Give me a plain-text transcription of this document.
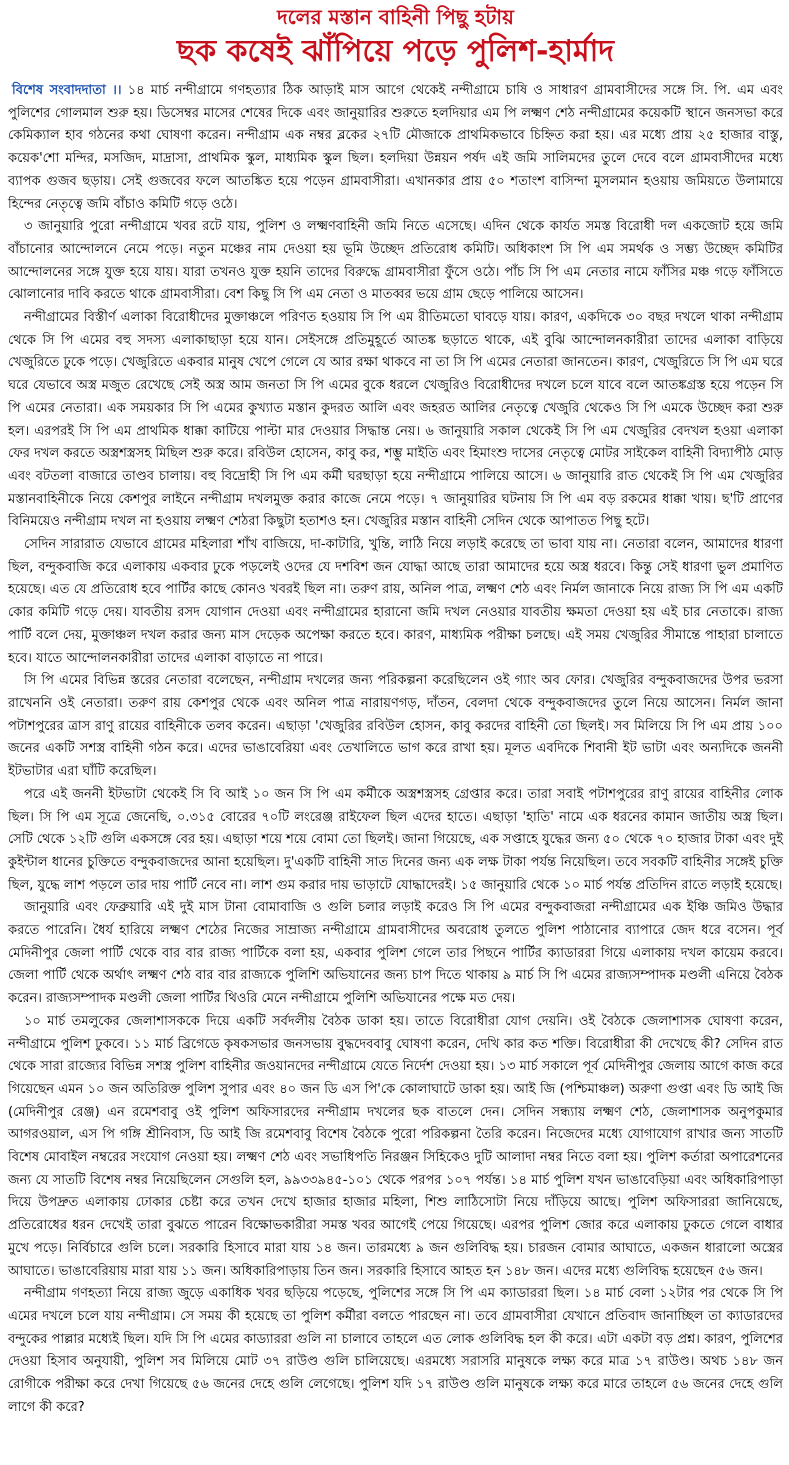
দলের মস্তান বাহিনী পিছু হটায়
ছক কষেই ঝাঁপিয়ে পড়ে পুলিশ-হার্মাদ

বিশেষ সংবাদদাতা ।। ১৪ মার্চ নন্দীগ্রামে গণহত্যার ঠিক আড়াই মাস আগে থেকেই নন্দীগ্রামে চাষি ও সাধারণ গ্রামবাসীদের সঙ্গে সি. পি. এম এবং পুলিশের গোলমাল শুরু হয়। ডিসেম্বর মাসের শেষের দিকে এবং জানুয়ারির শুরুতে হলদিয়ার এম পি লক্ষ্মণ শেঠ নন্দীগ্রামের কয়েকটি স্থানে জনসভা করে কেমিক্যাল হাব গঠনের কথা ঘোষণা করেন। নন্দীগ্রাম এক নম্বর ব্লকের ২৭টি মৌজাকে প্রাথমিকভাবে চিহ্নিত করা হয়। এর মধ্যে প্রায় ২৫ হাজার বাস্তু, কয়েক'শো মন্দির, মসজিদ, মাদ্রাসা, প্রাথমিক স্কুল, মাধ্যমিক স্কুল ছিল। হলদিয়া উন্নয়ন পর্ষদ এই জমি সালিমদের তুলে দেবে বলে গ্রামবাসীদের মধ্যে ব্যাপক গুজব ছড়ায়। সেই গুজবের ফলে আতঙ্কিত হয়ে পড়েন গ্রামবাসীরা। এখানকার প্রায় ৫০ শতাংশ বাসিন্দা মুসলমান হওয়ায় জমিয়তে উলামায়ে হিন্দের নেতৃত্বে জমি বাঁচাও কমিটি গড়ে ওঠে।

৩ জানুয়ারি পুরো নন্দীগ্রামে খবর রটে যায়, পুলিশ ও লক্ষ্মণবাহিনী জমি নিতে এসেছে। এদিন থেকে কার্যত সমস্ত বিরোধী দল একজোট হয়ে জমি বাঁচানোর আন্দোলনে নেমে পড়ে। নতুন মঞ্চের নাম দেওয়া হয় ভূমি উচ্ছেদ প্রতিরোধ কমিটি। অধিকাংশ সি পি এম সমর্থক ও সম্ভ্য উচ্ছেদ কমিটির আন্দোলনের সঙ্গে যুক্ত হয়ে যায়। যারা তখনও যুক্ত হয়নি তাদের বিরুদ্ধে গ্রামবাসীরা ফুঁসে ওঠে। পাঁচ সি পি এম নেতার নামে ফাঁসির মঞ্চ গড়ে ফাঁসিতে ঝোলানোর দাবি করতে থাকে গ্রামবাসীরা। বেশ কিছু সি পি এম নেতা ও মাতব্বর ভয়ে গ্রাম ছেড়ে পালিয়ে আসেন।

নন্দীগ্রামের বিস্তীর্ণ এলাকা বিরোধীদের মুক্তাঞ্চলে পরিণত হওয়ায় সি পি এম রীতিমতো ঘাবড়ে যায়। কারণ, একদিকে ৩০ বছর দখলে থাকা নন্দীগ্রাম থেকে সি পি এমের বহু সদস্য এলাকাছাড়া হয়ে যান। সেইসঙ্গে প্রতিমুহূর্তে আতঙ্ক ছড়াতে থাকে, এই বুঝি আন্দোলনকারীরা তাদের এলাকা বাড়িয়ে খেজুরিতে ঢুকে পড়ে। খেজুরিতে একবার মানুষ খেপে গেলে যে আর রক্ষা থাকবে না তা সি পি এমের নেতারা জানতেন। কারণ, খেজুরিতে সি পি এম ঘরে ঘরে যেভাবে অস্ত্র মজুত রেখেছে সেই অস্ত্র আম জনতা সি পি এমের বুকে ধরলে খেজুরিও বিরোধীদের দখলে চলে যাবে বলে আতঙ্কগ্রস্ত হয়ে পড়েন সি পি এমের নেতারা। এক সময়কার সি পি এমের কুখ্যাত মস্তান কুদরত আলি এবং জহরত আলির নেতৃত্বে খেজুরি থেকেও সি পি এমকে উচ্ছেদ করা শুরু হল। এরপরই সি পি এম প্রাথমিক ধাক্কা কাটিয়ে পাল্টা মার দেওয়ার সিদ্ধান্ত নেয়। ৬ জানুয়ারি সকাল থেকেই সি পি এম খেজুরির বেদখল হওয়া এলাকা ফের দখল করতে অস্ত্রশস্ত্রসহ মিছিল শুরু করে। রবিউল হোসেন, কাবু কর, শম্ভু মাইতি এবং হিমাংশু দাসের নেতৃত্বে মোটর সাইকেল বাহিনী বিদ্যাপীঠ মোড় এবং বটতলা বাজারে তাণ্ডব চালায়। বহু বিদ্রোহী সি পি এম কর্মী ঘরছাড়া হয়ে নন্দীগ্রামে পালিয়ে আসে। ৬ জানুয়ারি রাত থেকেই সি পি এম খেজুরির মস্তানবাহিনীকে নিয়ে কেশপুর লাইনে নন্দীগ্রাম দখলমুক্ত করার কাজে নেমে পড়ে। ৭ জানুয়ারির ঘটনায় সি পি এম বড় রকমের ধাক্কা খায়। ছ'টি প্রাণের বিনিময়েও নন্দীগ্রাম দখল না হওয়ায় লক্ষ্মণ শেঠরা কিছুটা হতাশও হন। খেজুরির মস্তান বাহিনী সেদিন থেকে আপাতত পিছু হটে।

সেদিন সারারাত যেভাবে গ্রামের মহিলারা শাঁখ বাজিয়ে, দা-কাটারি, খুন্তি, লাঠি নিয়ে লড়াই করেছে তা ভাবা যায় না। নেতারা বলেন, আমাদের ধারণা ছিল, বন্দুকবাজি করে এলাকায় একবার ঢুকে পড়লেই ওদের যে দশবিশ জন যোদ্ধা আছে তারা আমাদের হয়ে অস্ত্র ধরবে। কিন্তু সেই ধারণা ভুল প্রমাণিত হয়েছে। এত যে প্রতিরোধ হবে পার্টির কাছে কোনও খবরই ছিল না। তরুণ রায়, অনিল পাত্র, লক্ষ্মণ শেঠ এবং নির্মল জানাকে নিয়ে রাজ্য সি পি এম একটি কোর কমিটি গড়ে দেয়। যাবতীয় রসদ যোগান দেওয়া এবং নন্দীগ্রামের হারানো জমি দখল নেওয়ার যাবতীয় ক্ষমতা দেওয়া হয় এই চার নেতাকে। রাজ্য পার্টি বলে দেয়, মুক্তাঞ্চল দখল করার জন্য মাস দেড়েক অপেক্ষা করতে হবে। কারণ, মাধ্যমিক পরীক্ষা চলছে। এই সময় খেজুরির সীমান্তে পাহারা চালাতে হবে। যাতে আন্দোলনকারীরা তাদের এলাকা বাড়াতে না পারে।

সি পি এমের বিভিন্ন স্তরের নেতারা বলেছেন, নন্দীগ্রাম দখলের জন্য পরিকল্পনা করেছিলেন ওই গ্যাং অব ফোর। খেজুরির বন্দুকবাজদের উপর ভরসা রাখেননি ওই নেতারা। তরুণ রায় কেশপুর থেকে এবং অনিল পাত্র নারায়ণগড়, দাঁতন, বেলদা থেকে বন্দুকবাজদের তুলে নিয়ে আসেন। নির্মল জানা পটাশপুরের ত্রাস রাণু রায়ের বাহিনীকে তলব করেন। এছাড়া 'খেজুরির রবিউল হোসন, কাবু করদের বাহিনী তো ছিলই। সব মিলিয়ে সি পি এম প্রায় ১০০ জনের একটি সশস্ত্র বাহিনী গঠন করে। এদের ভাঙাবেরিয়া এবং তেখালিতে ভাগ করে রাখা হয়। মূলত এবদিকে শিবানী ইট ভাটা এবং অন্যদিকে জননী ইটভাটার এরা ঘাঁটি করেছিল।

পরে এই জননী ইটভাটা থেকেই সি বি আই ১০ জন সি পি এম কর্মীকে অস্ত্রশস্ত্রসহ গ্রেপ্তার করে। তারা সবাই পটাশপুরের রাণু রায়ের বাহিনীর লোক ছিল। সি পি এম সূত্রে জেনেছি, ০.৩১৫ বোরের ৭০টি লংরেঞ্জ রাইফেল ছিল এদের হাতে। এছাড়া 'হাতি' নামে এক ধরনের কামান জাতীয় অস্ত্র ছিল। সেটি থেকে ১২টি গুলি একসঙ্গে বের হয়। এছাড়া শয়ে শয়ে বোমা তো ছিলই। জানা গিয়েছে, এক সপ্তাহে যুদ্ধের জন্য ৫০ থেকে ৭০ হাজার টাকা এবং দুই কুইন্টাল ধানের চুক্তিতে বন্দুকবাজদের আনা হয়েছিল। দু'একটি বাহিনী সাত দিনের জন্য এক লক্ষ টাকা পর্যন্ত নিয়েছিল। তবে সবকটি বাহিনীর সঙ্গেই চুক্তি ছিল, যুদ্ধে লাশ পড়লে তার দায় পার্টি নেবে না। লাশ গুম করার দায় ভাড়াটে যোদ্ধাদেরই। ১৫ জানুয়ারি থেকে ১০ মার্চ পর্যন্ত প্রতিদিন রাতে লড়াই হয়েছে।

জানুয়ারি এবং ফেব্রুয়ারি এই দুই মাস টানা বোমাবাজি ও গুলি চলার লড়াই করেও সি পি এমের বন্দুকবাজরা নন্দীগ্রামের এক ইঞ্চি জমিও উদ্ধার করতে পারেনি। ধৈর্য হারিয়ে লক্ষ্মণ শেঠের নিজের সাম্রাজ্য নন্দীগ্রামে গ্রামবাসীদের অবরোধ তুলতে পুলিশ পাঠানোর ব্যাপারে জেদ ধরে বসেন। পূর্ব মেদিনীপুর জেলা পার্টি থেকে বার বার রাজ্য পার্টিকে বলা হয়, একবার পুলিশ গেলে তার পিছনে পার্টির ক্যাডাররা গিয়ে এলাকায় দখল কায়েম করবে। জেলা পার্টি থেকে অর্থাৎ লক্ষ্মণ শেঠ বার বার রাজ্যকে পুলিশি অভিযানের জন্য চাপ দিতে থাকায় ৯ মার্চ সি পি এমের রাজ্যসম্পাদক মণ্ডলী এনিয়ে বৈঠক করেন। রাজ্যসম্পাদক মণ্ডলী জেলা পার্টির থিওরি মেনে নন্দীগ্রামে পুলিশি অভিযানের পক্ষে মত দেয়।

১০ মার্চ তমলুকের জেলাশাসককে দিয়ে একটি সর্বদলীয় বৈঠক ডাকা হয়। তাতে বিরোধীরা যোগ দেয়নি। ওই বৈঠকে জেলাশাসক ঘোষণা করেন, নন্দীগ্রামে পুলিশ ঢুকবে। ১১ মার্চ ব্রিগেডে কৃষকসভার জনসভায় বুদ্ধদেববাবু ঘোষণা করেন, দেখি কার কত শক্তি। বিরোধীরা কী দেখেছে কী? সেদিন রাত থেকে সারা রাজ্যের বিভিন্ন সশস্ত্র পুলিশ বাহিনীর জওয়ানদের নন্দীগ্রামে যেতে নির্দেশ দেওয়া হয়। ১৩ মার্চ সকালে পূর্ব মেদিনীপুর জেলায় আগে কাজ করে গিয়েছেন এমন ১০ জন অতিরিক্ত পুলিশ সুপার এবং ৪০ জন ডি এস পি'কে কোলাঘাটে ডাকা হয়। আই জি (পশ্চিমাঞ্চল) অরুণা গুপ্তা এবং ডি আই জি (মেদিনীপুর রেঞ্জ) এন রমেশবাবু ওই পুলিশ অফিসারদের নন্দীগ্রাম দখলের ছক বাতলে দেন। সেদিন সন্ধ্যায় লক্ষ্মণ শেঠ, জেলাশাসক অনুপকুমার আগরওয়াল, এস পি গঙ্গি শ্রীনিবাস, ডি আই জি রমেশবাবু বিশেষ বৈঠকে পুরো পরিকল্পনা তৈরি করেন। নিজেদের মধ্যে যোগাযোগ রাখার জন্য সাতটি বিশেষ মোবাইল নম্বরের সংযোগ নেওয়া হয়। লক্ষ্মণ শেঠ এবং সভাধিপতি নিরঞ্জন সিহিকেও দুটি আলাদা নম্বর নিতে বলা হয়। পুলিশ কর্তারা অপারেশনের জন্য যে সাতটি বিশেষ নম্বর নিয়েছিলেন সেগুলি হল, ৯৯৩৩৯৪৫-১০১ থেকে পরপর ১০৭ পর্যন্ত। ১৪ মার্চ পুলিশ যখন ভাঙাবেড়িয়া এবং অধিকারিপাড়া দিয়ে উপদ্রুত এলাকায় ঢোকার চেষ্টা করে তখন দেখে হাজার হাজার মহিলা, শিশু লাঠিসোটা নিয়ে দাঁড়িয়ে আছে। পুলিশ অফিসাররা জানিয়েছে, প্রতিরোধের ধরন দেখেই তারা বুঝতে পারেন বিক্ষোভকারীরা সমস্ত খবর আগেই পেয়ে গিয়েছে। এরপর পুলিশ জোর করে এলাকায় ঢুকতে গেলে বাধার মুখে পড়ে। নির্বিচারে গুলি চলে। সরকারি হিসাবে মারা যায় ১৪ জন। তারমধ্যে ৯ জন গুলিবিদ্ধ হয়। চারজন বোমার আঘাতে, একজন ধারালো অস্ত্রের আঘাতে। ভাঙাবেরিয়ায় মারা যায় ১১ জন। অধিকারিপাড়ায় তিন জন। সরকারি হিসাবে আহত হন ১৪৮ জন। এদের মধ্যে গুলিবিদ্ধ হয়েছেন ৫৬ জন।

নন্দীগ্রাম গণহত্যা নিয়ে রাজ্য জুড়ে একাধিক খবর ছড়িয়ে পড়েছে, পুলিশের সঙ্গে সি পি এম ক্যাডাররা ছিল। ১৪ মার্চ বেলা ১২টার পর থেকে সি পি এমের দখলে চলে যায় নন্দীগ্রাম। সে সময় কী হয়েছে তা পুলিশ কর্মীরা বলতে পারছেন না। তবে গ্রামবাসীরা যেখানে প্রতিবাদ জানাচ্ছিল তা ক্যাডারদের বন্দুকের পাল্লার মধ্যেই ছিল। যদি সি পি এমের কাড্যাররা গুলি না চালাবে তাহলে এত লোক গুলিবিদ্ধ হল কী করে। এটা একটা বড় প্রশ্ন। কারণ, পুলিশের দেওয়া হিসাব অনুযায়ী, পুলিশ সব মিলিয়ে মোট ৩৭ রাউণ্ড গুলি চালিয়েছে। এরমধ্যে সরাসরি মানুষকে লক্ষ্য করে মাত্র ১৭ রাউণ্ড। অথচ ১৪৮ জন রোগীকে পরীক্ষা করে দেখা গিয়েছে ৫৬ জনের দেহে গুলি লেগেছে। পুলিশ যদি ১৭ রাউণ্ড গুলি মানুষকে লক্ষ্য করে মারে তাহলে ৫৬ জনের দেহে গুলি লাগে কী করে?
